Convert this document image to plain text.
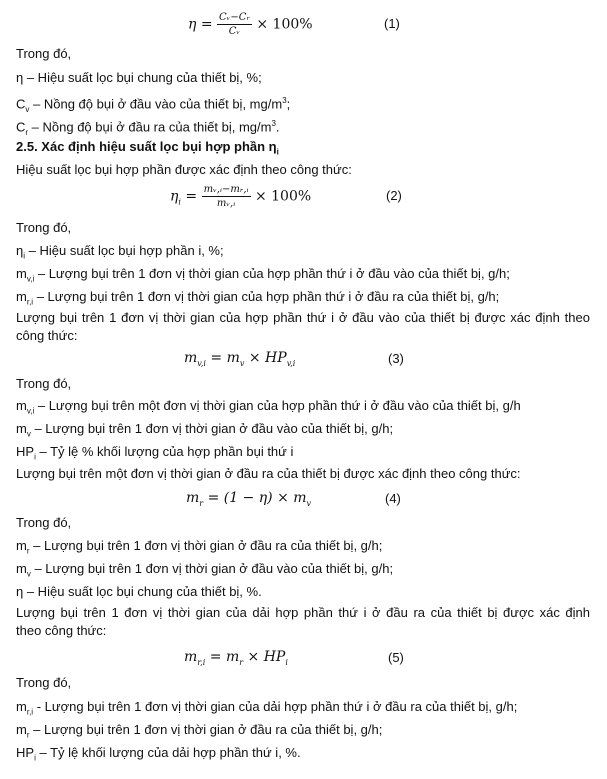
$\eta = \frac{\text{Cᵥ−Cᵣ}}{\text{Cᵥ}} \times 100\%$	(1)
Trong đó,
η – Hiệu suất lọc bụi chung của thiết bị, %;
$C_v$ – Nồng độ bụi ở đầu vào của thiết bị, $mg/m^3$;
$C_r$ – Nồng độ bụi ở đầu ra của thiết bị, $mg/m^3$.
2.5. Xác định hiệu suất lọc bụi hợp phần $\eta_i$
Hiệu suất lọc bụi hợp phần được xác định theo công thức:
$\eta_i = \frac{\text{mᵥ,ᵢ−mᵣ,ᵢ}}{\text{mᵥ,ᵢ}} \times 100\%$	(2)
Trong đó,
$\eta_i$ – Hiệu suất lọc bụi hợp phần i, %;
$m_{v,i}$ – Lượng bụi trên 1 đơn vị thời gian của hợp phần thứ i ở đầu vào của thiết bị, g/h;
$m_{r,i}$ – Lượng bụi trên 1 đơn vị thời gian của hợp phần thứ i ở đầu ra của thiết bị, g/h;
Lượng bụi trên 1 đơn vị thời gian của hợp phần thứ i ở đầu vào của thiết bị được xác định theo
công thức:
$m_{v,i} = m_v \times HP_{v,i}$	(3)
Trong đó,
$m_{v,i}$ – Lượng bụi trên một đơn vị thời gian của hợp phần thứ i ở đầu vào của thiết bị, g/h
$m_v$ – Lượng bụi trên 1 đơn vị thời gian ở đầu vào của thiết bị, g/h;
$HP_i$ – Tỷ lệ % khối lượng của hợp phần bụi thứ i
Lượng bụi trên một đơn vị thời gian ở đầu ra của thiết bị được xác định theo công thức:
$m_r = (1 - \eta) \times m_v$	(4)
Trong đó,
$m_r$ – Lượng bụi trên 1 đơn vị thời gian ở đầu ra của thiết bị, g/h;
$m_v$ – Lượng bụi trên 1 đơn vị thời gian ở đầu vào của thiết bị, g/h;
η – Hiệu suất lọc bụi chung của thiết bị, %.
Lượng bụi trên 1 đơn vị thời gian của dải hợp phần thứ i ở đầu ra của thiết bị được xác định
theo công thức:
$m_{r,i} = m_r \times HP_i$	(5)
Trong đó,
$m_{r,i}$ - Lượng bụi trên 1 đơn vị thời gian của dải hợp phần thứ i ở đầu ra của thiết bị, g/h;
$m_r$ – Lượng bụi trên 1 đơn vị thời gian ở đầu ra của thiết bị, g/h;
$HP_i$ – Tỷ lệ khối lượng của dải hợp phần thứ i, %.
